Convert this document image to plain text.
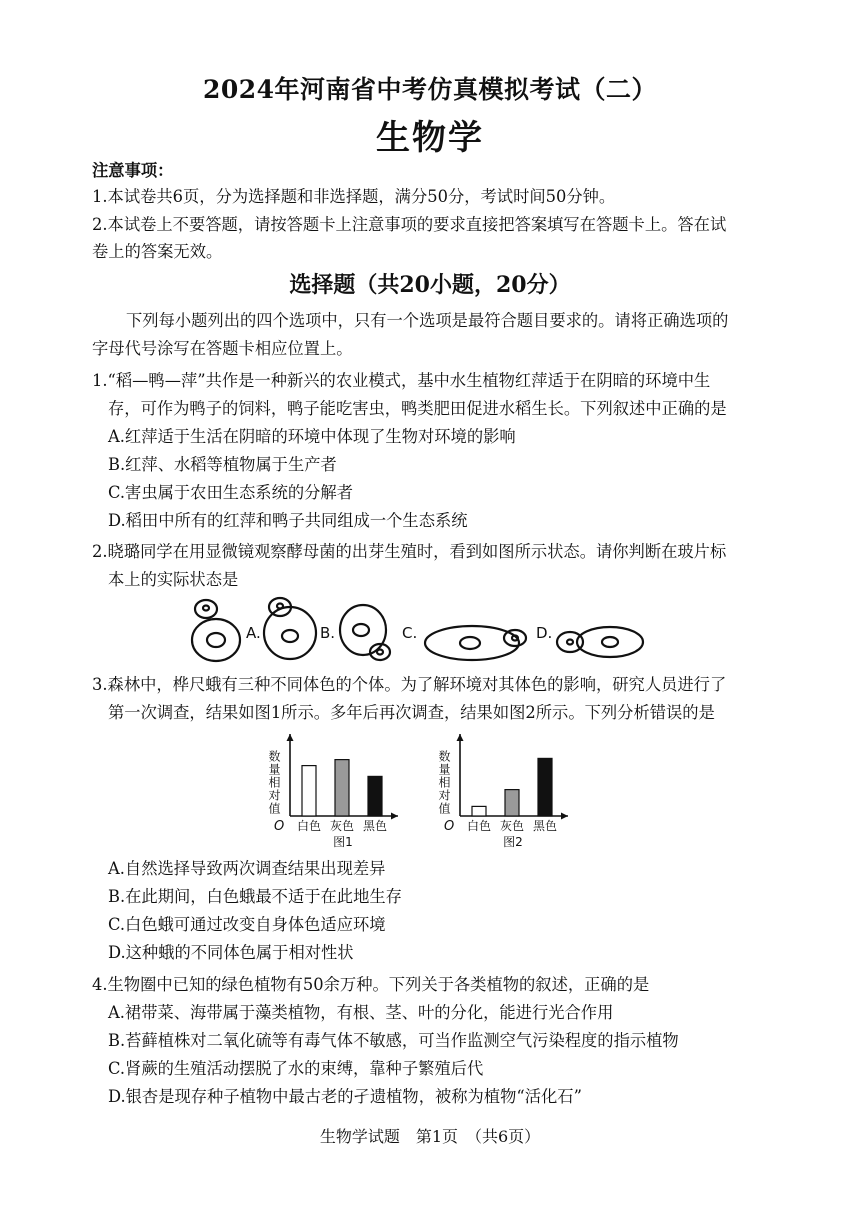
2024年河南省中考仿真模拟考试（二）
生物学
注意事项：
1.本试卷共6页，分为选择题和非选择题，满分50分，考试时间50分钟。
2.本试卷上不要答题，请按答题卡上注意事项的要求直接把答案填写在答题卡上。答在试
卷上的答案无效。
选择题（共20小题，20分）
下列每小题列出的四个选项中，只有一个选项是最符合题目要求的。请将正确选项的
字母代号涂写在答题卡相应位置上。
1.“稻—鸭—萍”共作是一种新兴的农业模式，基中水生植物红萍适于在阴暗的环境中生
存，可作为鸭子的饲料，鸭子能吃害虫，鸭类肥田促进水稻生长。下列叙述中正确的是
A.红萍适于生活在阴暗的环境中体现了生物对环境的影响
B.红萍、水稻等植物属于生产者
C.害虫属于农田生态系统的分解者
D.稻田中所有的红萍和鸭子共同组成一个生态系统
2.晓璐同学在用显微镜观察酵母菌的出芽生殖时，看到如图所示状态。请你判断在玻片标
本上的实际状态是
A.	B.	C.	D.
3.森林中，桦尺蛾有三种不同体色的个体。为了解环境对其体色的影响，研究人员进行了
第一次调查，结果如图1所示。多年后再次调查，结果如图2所示。下列分析错误的是
数量相对值
O 白色 灰色 黑色
图1
数量相对值
O 白色 灰色 黑色
图2
A.自然选择导致两次调查结果出现差异
B.在此期间，白色蛾最不适于在此地生存
C.白色蛾可通过改变自身体色适应环境
D.这种蛾的不同体色属于相对性状
4.生物圈中已知的绿色植物有50余万种。下列关于各类植物的叙述，正确的是
A.裙带菜、海带属于藻类植物，有根、茎、叶的分化，能进行光合作用
B.苔藓植株对二氧化硫等有毒气体不敏感，可当作监测空气污染程度的指示植物
C.肾蕨的生殖活动摆脱了水的束缚，靠种子繁殖后代
D.银杏是现存种子植物中最古老的孑遗植物，被称为植物“活化石”
生物学试题　第1页　（共6页）
